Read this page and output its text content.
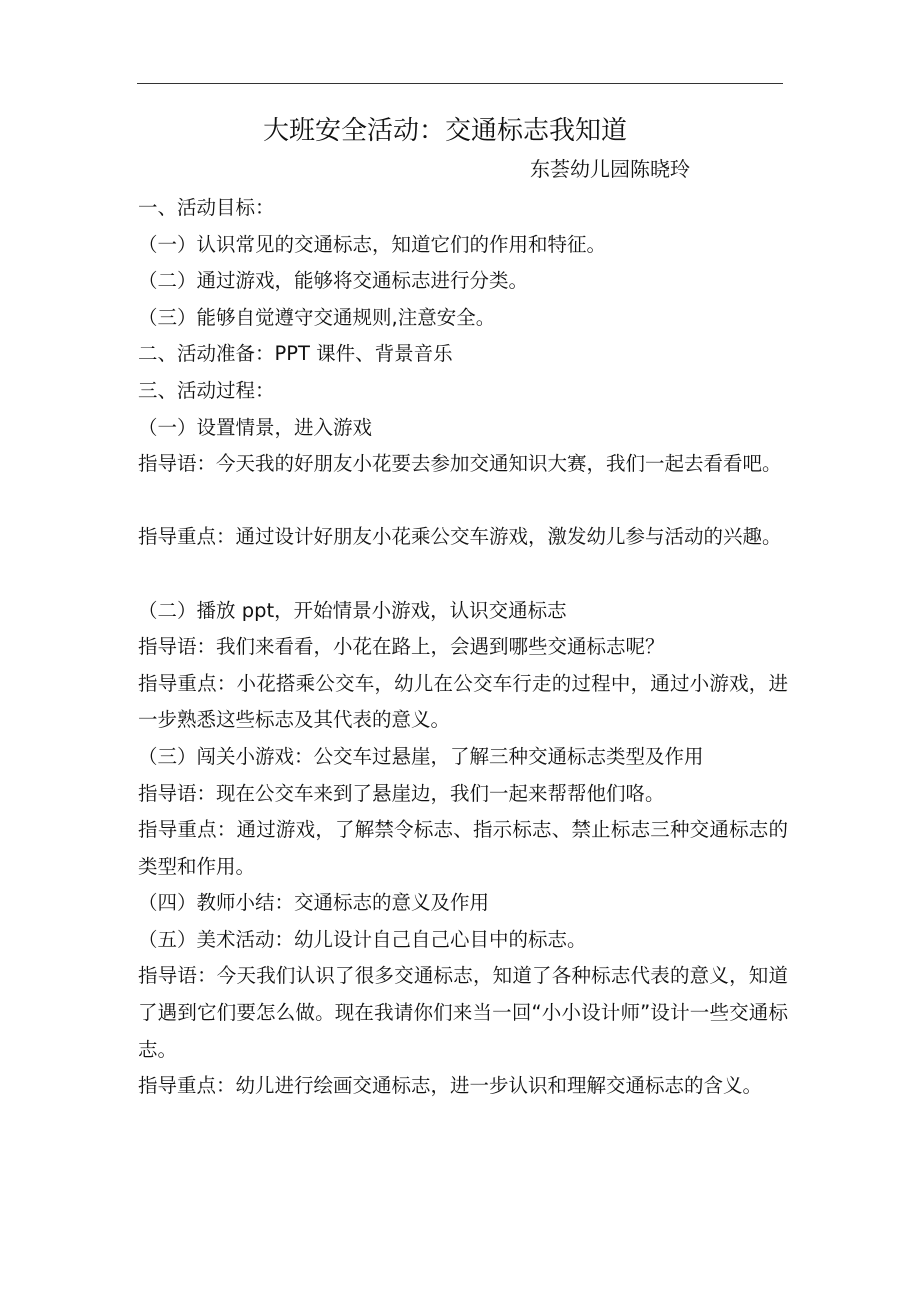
大班安全活动：交通标志我知道
东荟幼儿园陈晓玲
一、活动目标：
（一）认识常见的交通标志，知道它们的作用和特征。
（二）通过游戏，能够将交通标志进行分类。
（三）能够自觉遵守交通规则,注意安全。
二、活动准备：PPT 课件、背景音乐
三、活动过程：
（一）设置情景，进入游戏
指导语：今天我的好朋友小花要去参加交通知识大赛，我们一起去看看吧。
指导重点：通过设计好朋友小花乘公交车游戏，激发幼儿参与活动的兴趣。
（二）播放 ppt，开始情景小游戏，认识交通标志
指导语：我们来看看，小花在路上，会遇到哪些交通标志呢？
指导重点：小花搭乘公交车，幼儿在公交车行走的过程中，通过小游戏，进一步熟悉这些标志及其代表的意义。
（三）闯关小游戏：公交车过悬崖，了解三种交通标志类型及作用
指导语：现在公交车来到了悬崖边，我们一起来帮帮他们咯。
指导重点：通过游戏，了解禁令标志、指示标志、禁止标志三种交通标志的类型和作用。
（四）教师小结：交通标志的意义及作用
（五）美术活动：幼儿设计自己自己心目中的标志。
指导语：今天我们认识了很多交通标志，知道了各种标志代表的意义，知道了遇到它们要怎么做。现在我请你们来当一回“小小设计师”设计一些交通标志。
指导重点：幼儿进行绘画交通标志，进一步认识和理解交通标志的含义。
